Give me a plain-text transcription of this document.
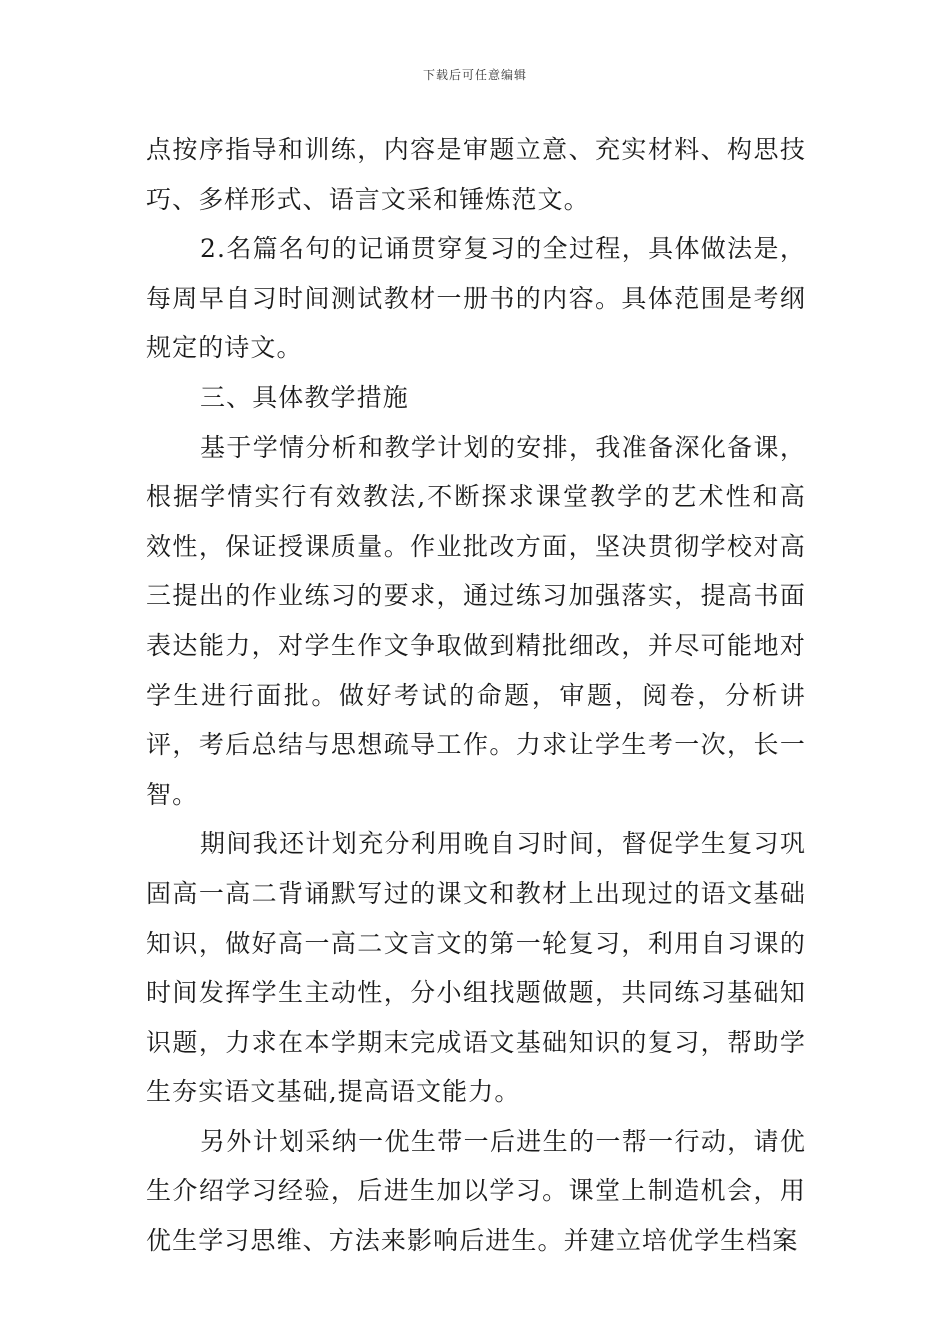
下载后可任意编辑

点按序指导和训练，内容是审题立意、充实材料、构思技巧、多样形式、语言文采和锤炼范文。

2.名篇名句的记诵贯穿复习的全过程，具体做法是，每周早自习时间测试教材一册书的内容。具体范围是考纲规定的诗文。

三、具体教学措施

基于学情分析和教学计划的安排，我准备深化备课，根据学情实行有效教法,不断探求课堂教学的艺术性和高效性，保证授课质量。作业批改方面，坚决贯彻学校对高三提出的作业练习的要求，通过练习加强落实，提高书面表达能力，对学生作文争取做到精批细改，并尽可能地对学生进行面批。做好考试的命题，审题，阅卷，分析讲评，考后总结与思想疏导工作。力求让学生考一次，长一智。

期间我还计划充分利用晚自习时间，督促学生复习巩固高一高二背诵默写过的课文和教材上出现过的语文基础知识，做好高一高二文言文的第一轮复习，利用自习课的时间发挥学生主动性，分小组找题做题，共同练习基础知识题，力求在本学期末完成语文基础知识的复习，帮助学生夯实语文基础,提高语文能力。

另外计划采纳一优生带一后进生的一帮一行动，请优生介绍学习经验，后进生加以学习。课堂上制造机会，用优生学习思维、方法来影响后进生。并建立培优学生档案
